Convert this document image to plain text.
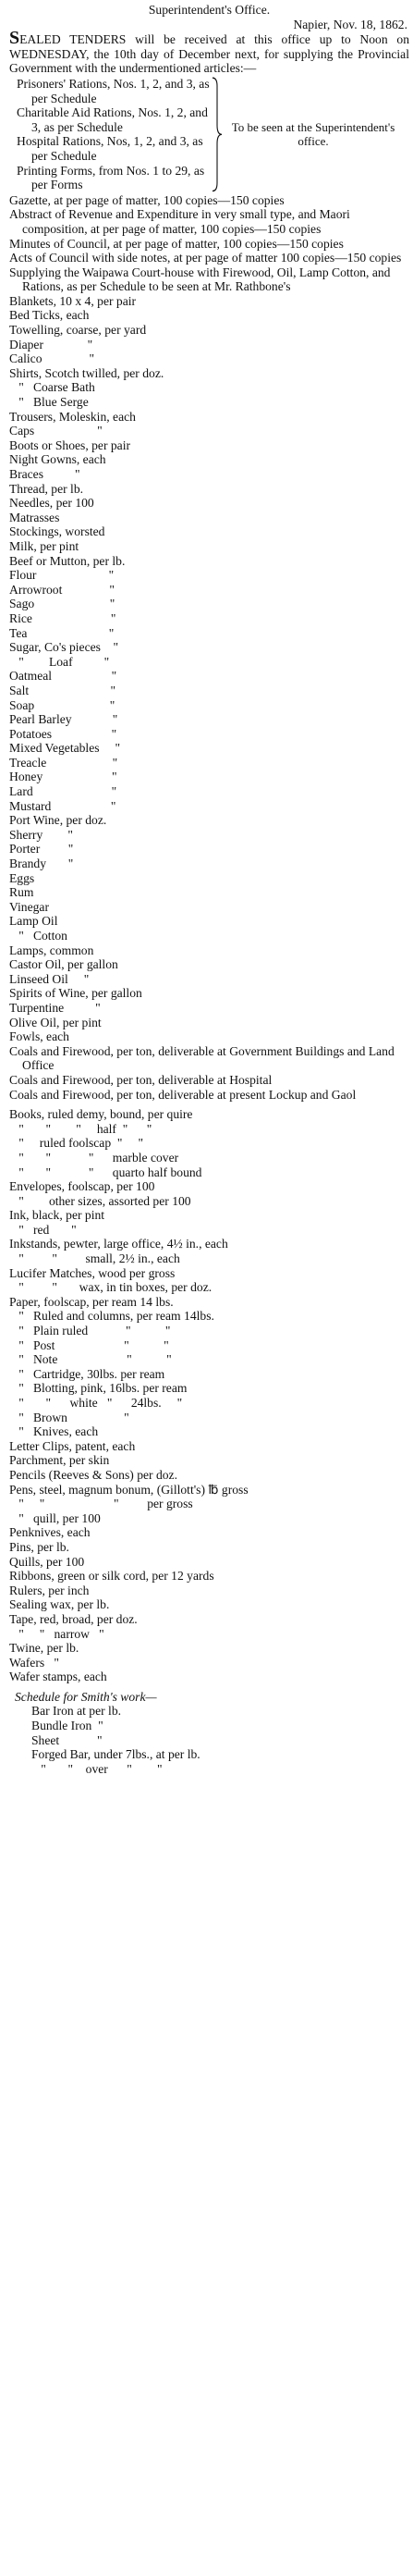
Superintendent's Office.
Napier, Nov. 18, 1862.
SEALED TENDERS will be received at this office up to Noon on WEDNESDAY, the 10th day of December next, for supplying the Provincial Government with the undermentioned articles:—
Prisoners' Rations, Nos. 1, 2, and 3, as per Schedule
Charitable Aid Rations, Nos. 1, 2, and 3, as per Schedule
Hospital Rations, Nos, 1, 2, and 3, as per Schedule
Printing Forms, from Nos. 1 to 29, as per Forms
To be seen at the Superintendent's office.
Gazette, at per page of matter, 100 copies—150 copies
Abstract of Revenue and Expenditure in very small type, and Maori composition, at per page of matter, 100 copies—150 copies
Minutes of Council, at per page of matter, 100 copies—150 copies
Acts of Council with side notes, at per page of matter 100 copies—150 copies
Supplying the Waipawa Court-house with Firewood, Oil, Lamp Cotton, and Rations, as per Schedule to be seen at Mr. Rathbone's
Blankets, 10 x 4, per pair
Bed Ticks, each
Towelling, coarse, per yard
Diaper              "
Calico               "
Shirts, Scotch twilled, per doz.
"   Coarse Bath
"   Blue Serge
Trousers, Moleskin, each
Caps                    "
Boots or Shoes, per pair
Night Gowns, each
Braces          "
Thread, per lb.
Needles, per 100
Matrasses
Stockings, worsted
Milk, per pint
Beef or Mutton, per lb.
Flour                       "
Arrowroot               "
Sago                        "
Rice                         "
Tea                          "
Sugar, Co's pieces    "
"        Loaf          "
Oatmeal                   "
Salt                          "
Soap                        "
Pearl Barley             "
Potatoes                   "
Mixed Vegetables     "
Treacle                     "
Honey                      "
Lard                         "
Mustard                   "
Port Wine, per doz.
Sherry        "
Porter         "
Brandy       "
Eggs
Rum
Vinegar
Lamp Oil
"   Cotton
Lamps, common
Castor Oil, per gallon
Linseed Oil     "
Spirits of Wine, per gallon
Turpentine          "
Olive Oil, per pint
Fowls, each
Coals and Firewood, per ton, deliverable at Government Buildings and Land Office
Coals and Firewood, per ton, deliverable at Hospital
Coals and Firewood, per ton, deliverable at present Lockup and Gaol
Books, ruled demy, bound, per quire
"       "        "     half  "      "
"     ruled foolscap  "     "
"       "            "      marble cover
"       "            "      quarto half bound
Envelopes, foolscap, per 100
"        other sizes, assorted per 100
Ink, black, per pint
"   red       "
Inkstands, pewter, large office, 4½ in., each
"         "         small, 2½ in., each
Lucifer Matches, wood per gross
"         "       wax, in tin boxes, per doz.
Paper, foolscap, per ream 14 lbs.
"   Ruled and columns, per ream 14lbs.
"   Plain ruled            "           "
"   Post                      "           "
"   Note                      "           "
"   Cartridge, 30lbs. per ream
"   Blotting, pink, 16lbs. per ream
"       "      white   "      24lbs.     "
"   Brown                  "
"   Knives, each
Letter Clips, patent, each
Parchment, per skin
Pencils (Reeves & Sons) per doz.
Pens, steel, magnum bonum, (Gillott's) ℔ gross
"     "                      "         per gross
"   quill, per 100
Penknives, each
Pins, per lb.
Quills, per 100
Ribbons, green or silk cord, per 12 yards
Rulers, per inch
Sealing wax, per lb.
Tape, red, broad, per doz.
"     "   narrow   "
Twine, per lb.
Wafers   "
Wafer stamps, each
Schedule for Smith's work—
Bar Iron at per lb.
Bundle Iron  "
Sheet            "
Forged Bar, under 7lbs., at per lb.
"       "    over      "        "
